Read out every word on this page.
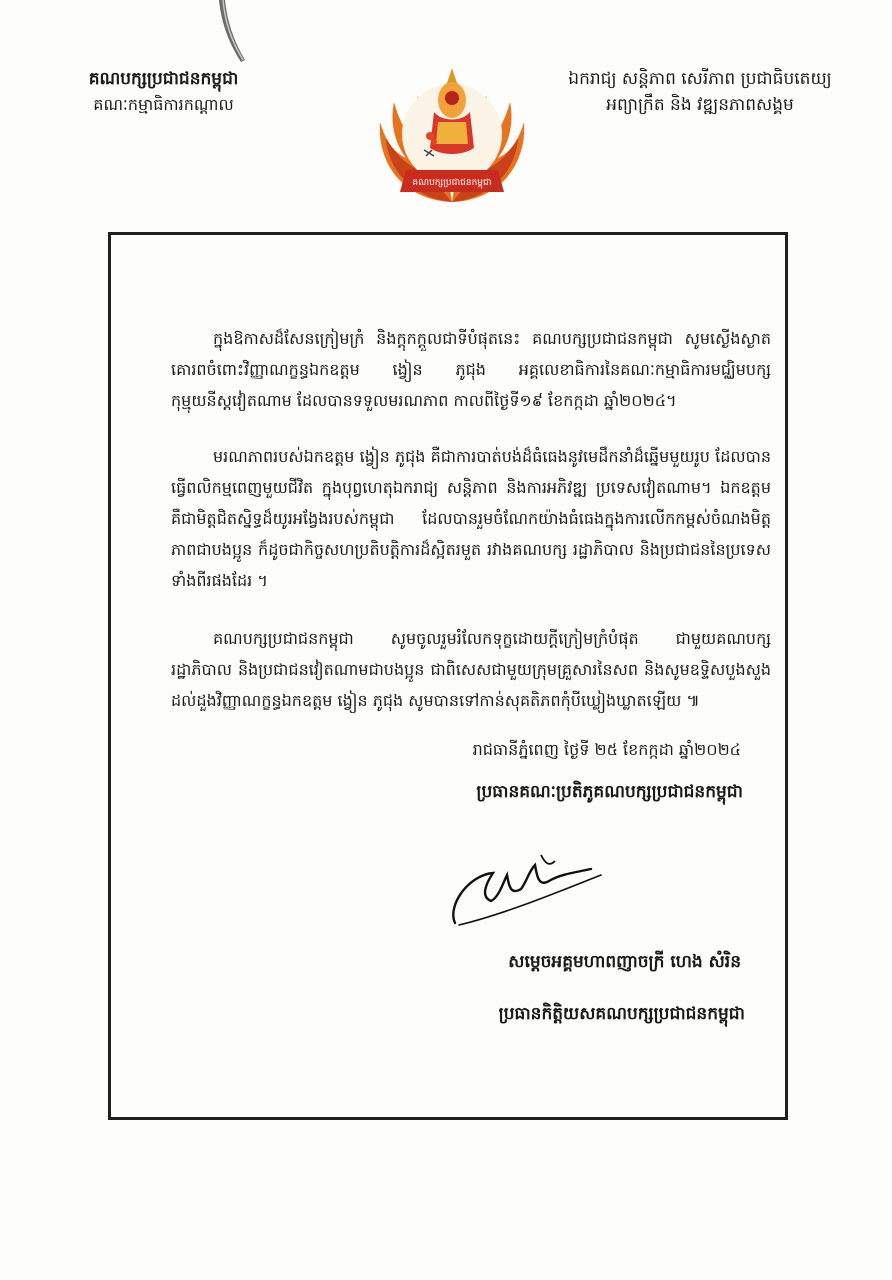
គណបក្សប្រជាជនកម្ពុជា
គណៈកម្មាធិការកណ្តាល
គណបក្សប្រជាជនកម្ពុជា
ឯករាជ្យ សន្តិភាព សេរីភាព ប្រជាធិបតេយ្យ
អព្យាក្រឹត និង វឌ្ឍនភាពសង្គម
ក្នុងឱកាសដ៏សែនក្រៀមក្រំ និងក្តុកក្តួលជាទីបំផុតនេះ គណបក្សប្រជាជនកម្ពុជា សូមស្ងើងស្ងាត គោរពចំពោះវិញ្ញាណក្ខន្ធឯកឧត្តម ង្វៀន ភូជុង អគ្គលេខាធិការនៃគណៈកម្មាធិការមជ្ឈិមបក្សកុម្មុយនីស្តវៀតណាម ដែលបានទទួលមរណភាព កាលពីថ្ងៃទី១៩ ខែកក្កដា ឆ្នាំ២០២៤។
មរណភាពរបស់ឯកឧត្តម ង្វៀន ភូជុង គឺជាការបាត់បង់ដ៏ធំធេងនូវមេដឹកនាំដ៏ឆ្នើមមួយរូប ដែលបានធ្វើពលិកម្មពេញមួយជីវិត ក្នុងបុព្វហេតុឯករាជ្យ សន្តិភាព និងការអភិវឌ្ឍ ប្រទេសវៀតណាម។ ឯកឧត្តមគឺជាមិត្តជិតស្និទ្ធដ៏យូរអង្វែងរបស់កម្ពុជា ដែលបានរួមចំណែកយ៉ាងធំធេងក្នុងការលើកកម្ពស់ចំណងមិត្តភាពជាបងប្អូន ក៏ដូចជាកិច្ចសហប្រតិបត្តិការដ៏ស្អិតរមួត រវាងគណបក្ស រដ្ឋាភិបាល និងប្រជាជននៃប្រទេសទាំងពីរផងដែរ ។
គណបក្សប្រជាជនកម្ពុជា សូមចូលរួមរំលែកទុក្ខដោយក្តីក្រៀមក្រំបំផុត ជាមួយគណបក្ស រដ្ឋាភិបាល និងប្រជាជនវៀតណាមជាបងប្អូន ជាពិសេសជាមួយក្រុមគ្រួសារនៃសព និងសូមឧទ្ទិសបួងសួងដល់ដួងវិញ្ញាណក្ខន្ធឯកឧត្តម ង្វៀន ភូជុង សូមបានទៅកាន់សុគតិភពកុំបីឃ្លៀងឃ្លាតឡើយ ៕
រាជធានីភ្នំពេញ ថ្ងៃទី ២៥ ខែកក្កដា ឆ្នាំ២០២៤
ប្រធានគណៈប្រតិភូគណបក្សប្រជាជនកម្ពុជា
សម្តេចអគ្គមហាពញាចក្រី ហេង សំរិន
ប្រធានកិត្តិយសគណបក្សប្រជាជនកម្ពុជា
